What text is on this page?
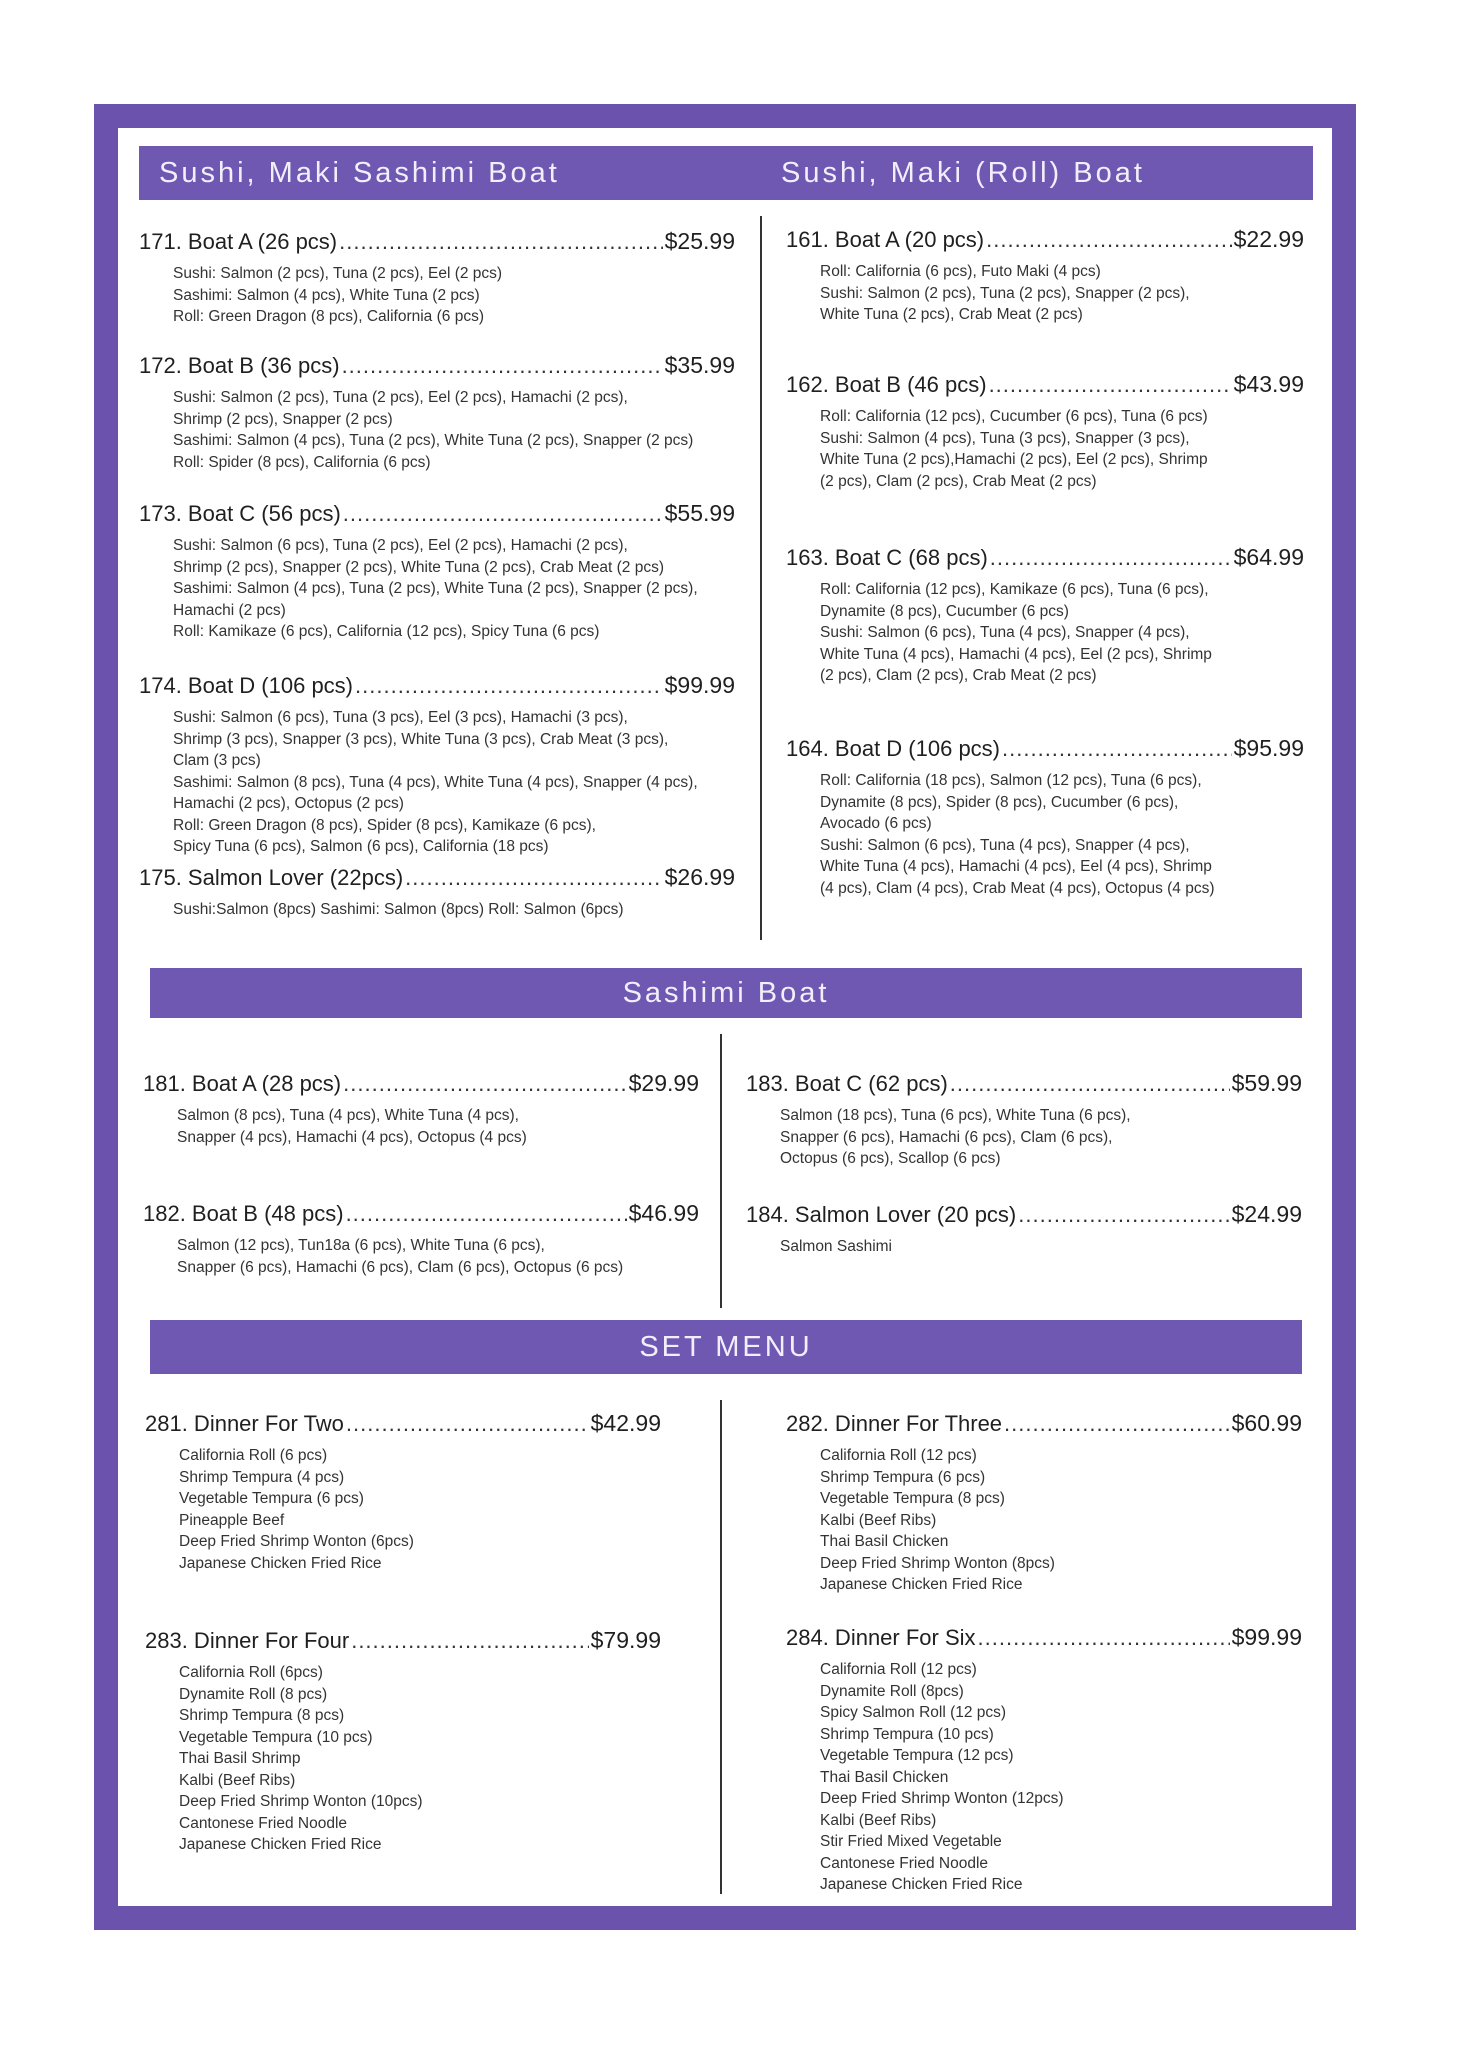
Sushi, Maki Sashimi Boat	Sushi, Maki (Roll) Boat
Sashimi Boat
SET MENU
171. Boat A (26 pcs) .....	$25.99
Sushi: Salmon (2 pcs), Tuna (2 pcs), Eel (2 pcs)
Sashimi: Salmon (4 pcs), White Tuna (2 pcs)
Roll: Green Dragon (8 pcs), California (6 pcs)
172. Boat B (36 pcs) .....	$35.99
Sushi: Salmon (2 pcs), Tuna (2 pcs), Eel (2 pcs), Hamachi (2 pcs),
Shrimp (2 pcs), Snapper (2 pcs)
Sashimi: Salmon (4 pcs), Tuna (2 pcs), White Tuna (2 pcs), Snapper (2 pcs)
Roll: Spider (8 pcs), California (6 pcs)
173. Boat C (56 pcs) .....	$55.99
Sushi: Salmon (6 pcs), Tuna (2 pcs), Eel (2 pcs), Hamachi (2 pcs),
Shrimp (2 pcs), Snapper (2 pcs), White Tuna (2 pcs), Crab Meat (2 pcs)
Sashimi: Salmon (4 pcs), Tuna (2 pcs), White Tuna (2 pcs), Snapper (2 pcs),
Hamachi (2 pcs)
Roll: Kamikaze (6 pcs), California (12 pcs), Spicy Tuna (6 pcs)
174. Boat D (106 pcs) .....	$99.99
Sushi: Salmon (6 pcs), Tuna (3 pcs), Eel (3 pcs), Hamachi (3 pcs),
Shrimp (3 pcs), Snapper (3 pcs), White Tuna (3 pcs), Crab Meat (3 pcs),
Clam (3 pcs)
Sashimi: Salmon (8 pcs), Tuna (4 pcs), White Tuna (4 pcs), Snapper (4 pcs),
Hamachi (2 pcs), Octopus (2 pcs)
Roll: Green Dragon (8 pcs), Spider (8 pcs), Kamikaze (6 pcs),
Spicy Tuna (6 pcs), Salmon (6 pcs), California (18 pcs)
175. Salmon Lover (22pcs) .....	$26.99
Sushi:Salmon (8pcs) Sashimi: Salmon (8pcs) Roll: Salmon (6pcs)
161. Boat A (20 pcs) .....	$22.99
Roll: California (6 pcs), Futo Maki (4 pcs)
Sushi: Salmon (2 pcs), Tuna (2 pcs), Snapper (2 pcs),
White Tuna (2 pcs), Crab Meat (2 pcs)
162. Boat B (46 pcs) .....	$43.99
Roll: California (12 pcs), Cucumber (6 pcs), Tuna (6 pcs)
Sushi: Salmon (4 pcs), Tuna (3 pcs), Snapper (3 pcs),
White Tuna (2 pcs),Hamachi (2 pcs), Eel (2 pcs), Shrimp
(2 pcs), Clam (2 pcs), Crab Meat (2 pcs)
163. Boat C (68 pcs) .....	$64.99
Roll: California (12 pcs), Kamikaze (6 pcs), Tuna (6 pcs),
Dynamite (8 pcs), Cucumber (6 pcs)
Sushi: Salmon (6 pcs), Tuna (4 pcs), Snapper (4 pcs),
White Tuna (4 pcs), Hamachi (4 pcs), Eel (2 pcs), Shrimp
(2 pcs), Clam (2 pcs), Crab Meat (2 pcs)
164. Boat D (106 pcs) .....	$95.99
Roll: California (18 pcs), Salmon (12 pcs), Tuna (6 pcs),
Dynamite (8 pcs), Spider (8 pcs), Cucumber (6 pcs),
Avocado (6 pcs)
Sushi: Salmon (6 pcs), Tuna (4 pcs), Snapper (4 pcs),
White Tuna (4 pcs), Hamachi (4 pcs), Eel (4 pcs), Shrimp
(4 pcs), Clam (4 pcs), Crab Meat (4 pcs), Octopus (4 pcs)
181. Boat A (28 pcs) .....	$29.99
Salmon (8 pcs), Tuna (4 pcs), White Tuna (4 pcs),
Snapper (4 pcs), Hamachi (4 pcs), Octopus (4 pcs)
182. Boat B (48 pcs) .....	$46.99
Salmon (12 pcs), Tun18a (6 pcs), White Tuna (6 pcs),
Snapper (6 pcs), Hamachi (6 pcs), Clam (6 pcs), Octopus (6 pcs)
183. Boat C (62 pcs) .....	$59.99
Salmon (18 pcs), Tuna (6 pcs), White Tuna (6 pcs),
Snapper (6 pcs), Hamachi (6 pcs), Clam (6 pcs),
Octopus (6 pcs), Scallop (6 pcs)
184. Salmon Lover (20 pcs) .....	$24.99
Salmon Sashimi
281. Dinner For Two .....	$42.99
California Roll (6 pcs)
Shrimp Tempura (4 pcs)
Vegetable Tempura (6 pcs)
Pineapple Beef
Deep Fried Shrimp Wonton (6pcs)
Japanese Chicken Fried Rice
283. Dinner For Four .....	$79.99
California Roll (6pcs)
Dynamite Roll (8 pcs)
Shrimp Tempura (8 pcs)
Vegetable Tempura (10 pcs)
Thai Basil Shrimp
Kalbi (Beef Ribs)
Deep Fried Shrimp Wonton (10pcs)
Cantonese Fried Noodle
Japanese Chicken Fried Rice
282. Dinner For Three .....	$60.99
California Roll (12 pcs)
Shrimp Tempura (6 pcs)
Vegetable Tempura (8 pcs)
Kalbi (Beef Ribs)
Thai Basil Chicken
Deep Fried Shrimp Wonton (8pcs)
Japanese Chicken Fried Rice
284. Dinner For Six .....	$99.99
California Roll (12 pcs)
Dynamite Roll (8pcs)
Spicy Salmon Roll (12 pcs)
Shrimp Tempura (10 pcs)
Vegetable Tempura (12 pcs)
Thai Basil Chicken
Deep Fried Shrimp Wonton (12pcs)
Kalbi (Beef Ribs)
Stir Fried Mixed Vegetable
Cantonese Fried Noodle
Japanese Chicken Fried Rice
